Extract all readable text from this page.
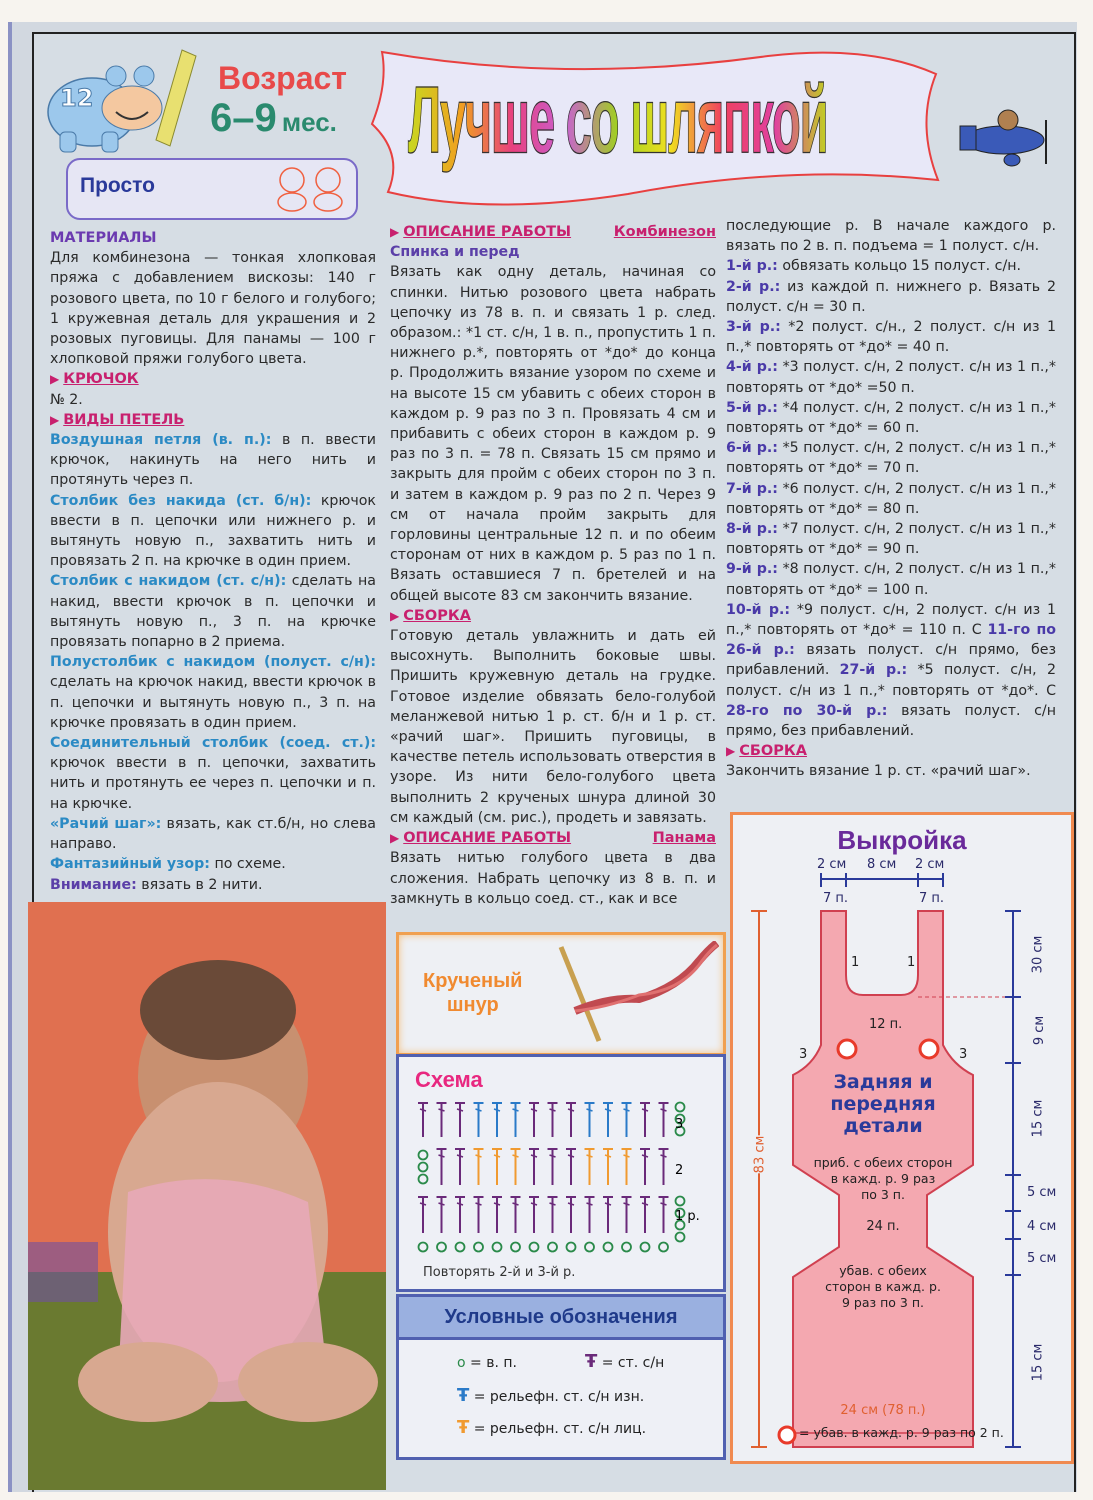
12
Возраст
6–9 мес.
Просто
Лучше со шляпкой
МАТЕРИАЛЫ
Для комбинезона — тонкая хлопковая пряжа с добавлением вискозы: 140 г розового цвета, по 10 г белого и голубого; 1 кружевная деталь для украшения и 2 розовых пуговицы. Для панамы — 100 г хлопковой пряжи голубого цвета.
▶ КРЮЧОК
№ 2.
▶ ВИДЫ ПЕТЕЛЬ
Воздушная петля (в. п.): в п. ввести крючок, накинуть на него нить и протянуть через п.
Столбик без накида (ст. б/н): крючок ввести в п. цепочки или нижнего р. и вытянуть новую п., захватить нить и провязать 2 п. на крючке в один прием.
Столбик с накидом (ст. с/н): сделать на накид, ввести крючок в п. цепочки и вытянуть новую п., 3 п. на крючке провязать попарно в 2 приема.
Полустолбик с накидом (полуст. с/н): сделать на крючок накид, ввести крючок в п. цепочки и вытянуть новую п., 3 п. на крючке провязать в один прием.
Соединительный столбик (соед. ст.): крючок ввести в п. цепочки, захватить нить и протянуть ее через п. цепочки и п. на крючке.
«Рачий шаг»: вязать, как ст.б/н, но слева направо.
Фантазийный узор: по схеме.
Внимание: вязать в 2 нити.
▶ ОПИСАНИЕ РАБОТЫ	Комбинезон
Спинка и перед
Вязать как одну деталь, начиная со спинки. Нитью розового цвета набрать цепочку из 78 в. п. и связать 1 р. след. образом.: *1 ст. с/н, 1 в. п., пропустить 1 п. нижнего р.*, повторять от *до* до конца р. Продолжить вязание узором по схеме и на высоте 15 см убавить с обеих сторон в каждом р. 9 раз по 3 п. Провязать 4 см и прибавить с обеих сторон в каждом р. 9 раз по 3 п. = 78 п. Связать 15 см прямо и закрыть для пройм с обеих сторон по 3 п. и затем в каждом р. 9 раз по 2 п. Через 9 см от начала пройм закрыть для горловины центральные 12 п. и по обеим сторонам от них в каждом р. 5 раз по 1 п. Вязать оставшиеся 7 п. бретелей и на общей высоте 83 см закончить вязание.
▶ СБОРКА
Готовую деталь увлажнить и дать ей высохнуть. Выполнить боковые швы. Пришить кружевную деталь на грудке. Готовое изделие обвязать бело-голубой меланжевой нитью 1 р. ст. б/н и 1 р. ст. «рачий шаг». Пришить пуговицы, в качестве петель использовать отверстия в узоре. Из нити бело-голубого цвета выполнить 2 крученых шнура длиной 30 см каждый (см. рис.), продеть и завязать.
▶ ОПИСАНИЕ РАБОТЫ	Панама
Вязать нитью голубого цвета в два сложения. Набрать цепочку из 8 в. п. и замкнуть в кольцо соед. ст., как и все
последующие р. В начале каждого р. вязать по 2 в. п. подъема = 1 полуст. с/н.
1-й р.: обвязать кольцо 15 полуст. с/н.
2-й р.: из каждой п. нижнего р. Вязать 2 полуст. с/н = 30 п.
3-й р.: *2 полуст. с/н., 2 полуст. с/н из 1 п.,* повторять от *до* = 40 п.
4-й р.: *3 полуст. с/н, 2 полуст. с/н из 1 п.,* повторять от *до* =50 п.
5-й р.: *4 полуст. с/н, 2 полуст. с/н из 1 п.,* повторять от *до* = 60 п.
6-й р.: *5 полуст. с/н, 2 полуст. с/н из 1 п.,* повторять от *до* = 70 п.
7-й р.: *6 полуст. с/н, 2 полуст. с/н из 1 п.,* повторять от *до* = 80 п.
8-й р.: *7 полуст. с/н, 2 полуст. с/н из 1 п.,* повторять от *до* = 90 п.
9-й р.: *8 полуст. с/н, 2 полуст. с/н из 1 п.,* повторять от *до* = 100 п.
10-й р.: *9 полуст. с/н, 2 полуст. с/н из 1 п.,* повторять от *до* = 110 п. С 11-го по 26-й р.: вязать полуст. с/н прямо, без прибавлений. 27-й р.: *5 полуст. с/н, 2 полуст. с/н из 1 п.,* повторять от *до*. С 28-го по 30-й р.: вязать полуст. с/н прямо, без прибавлений.
▶ СБОРКА
Закончить вязание 1 р. ст. «рачий шаг».
Крученый
шнур
Схема
3
2
1 р.
Повторять 2-й и 3-й р.
Условные обозначения
o = в. п.	Ŧ = ст. с/н
Ŧ = рельефн. ст. с/н изн.
Ŧ = рельефн. ст. с/н лиц.
Выкройка
2 см 8 см 2 см
7 п.	7 п.
1	1
12 п.
3	3
Задняя и
передняя
детали
приб. с обеих сторон
в кажд. р. 9 раз
по 3 п.
24 п.
убав. с обеих
сторон в кажд. р.
9 раз по 3 п.
83 см
30 см
9 см
15 см
5 см
4 см
5 см
15 см
24 см (78 п.)
= убав. в кажд. р. 9 раз по 2 п.
